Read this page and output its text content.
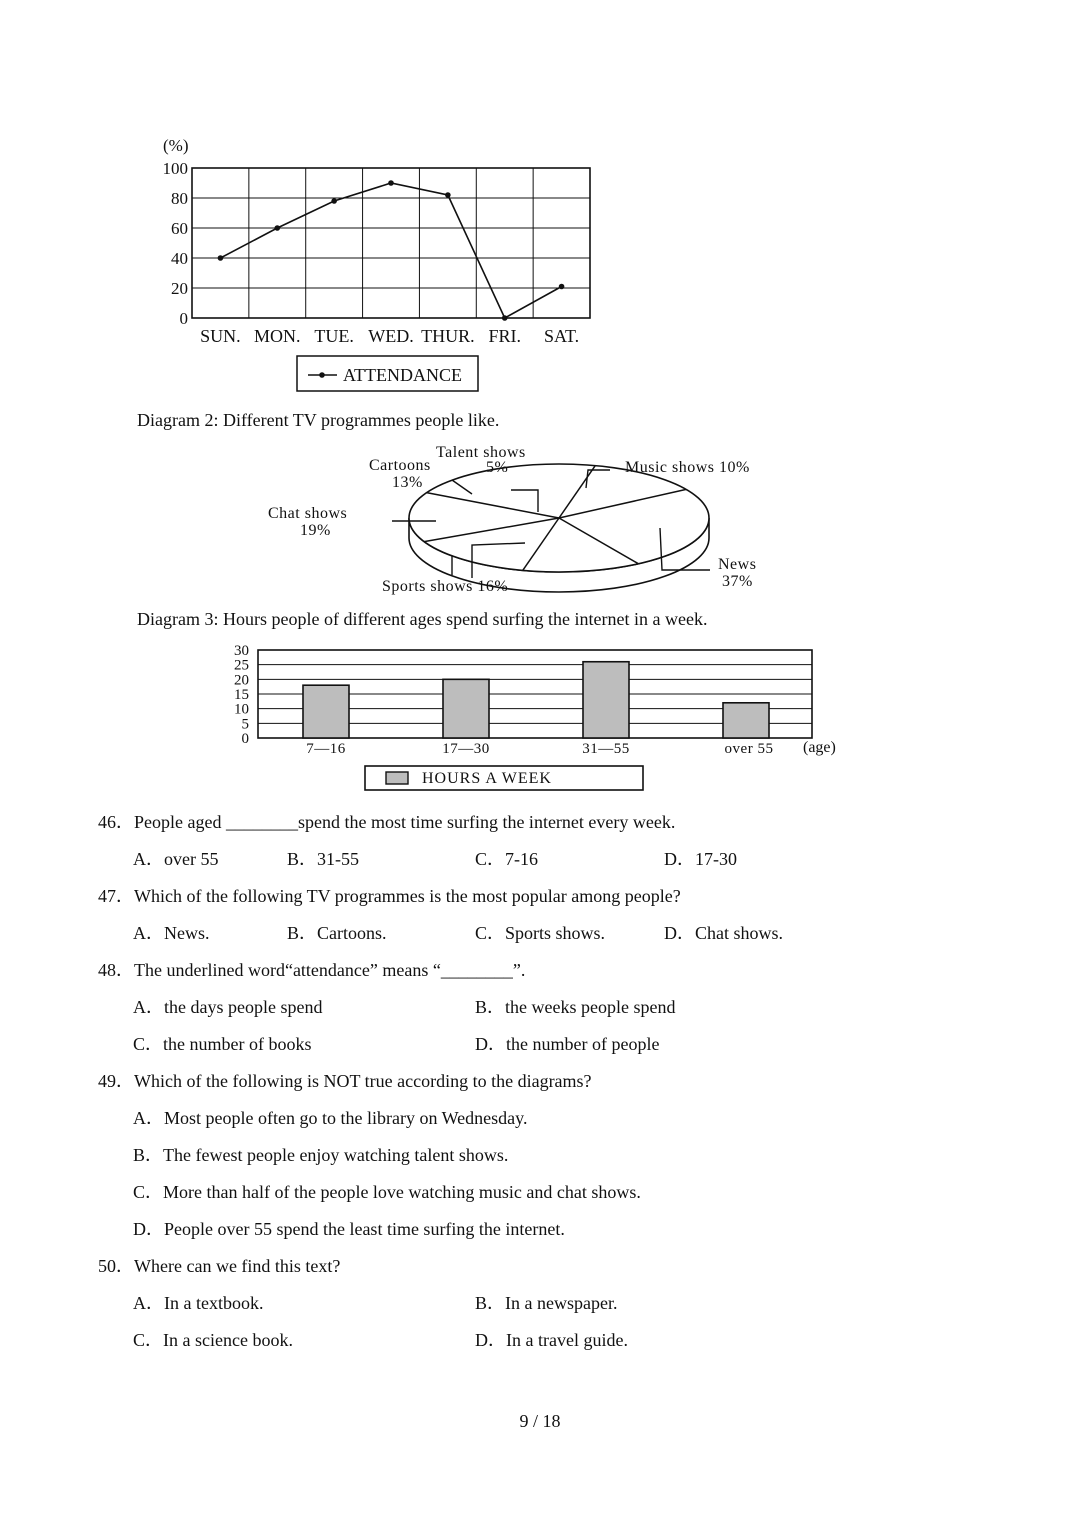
0
20
40
60
80
100
SUN. MON. TUE. WED. THUR. FRI. SAT.
(%)
ATTENDANCE
Diagram 2: Different TV programmes people like.
Talent shows
5%
Cartoons
13%
Music shows 10%
Chat shows
19%
News
37%
Sports shows 16%
Diagram 3: Hours people of different ages spend surfing the internet in a week.
0
5
10
15
20
25
30
7—16	17—30	31—55	over 55 (age)
HOURS A WEEK
46．People aged ________spend the most time surfing the internet every week.
A．over 55	B．31-55	C．7-16	D．17-30
47．Which of the following TV programmes is the most popular among people?
A．News.	B．Cartoons.	C．Sports shows.	D．Chat shows.
48．The underlined word“attendance” means “________”.
A．the days people spend	B．the weeks people spend
C．the number of books	D．the number of people
49．Which of the following is NOT true according to the diagrams?
A．Most people often go to the library on Wednesday.
B．The fewest people enjoy watching talent shows.
C．More than half of the people love watching music and chat shows.
D．People over 55 spend the least time surfing the internet.
50．Where can we find this text?
A．In a textbook.	B．In a newspaper.
C．In a science book.	D．In a travel guide.
9 / 18
